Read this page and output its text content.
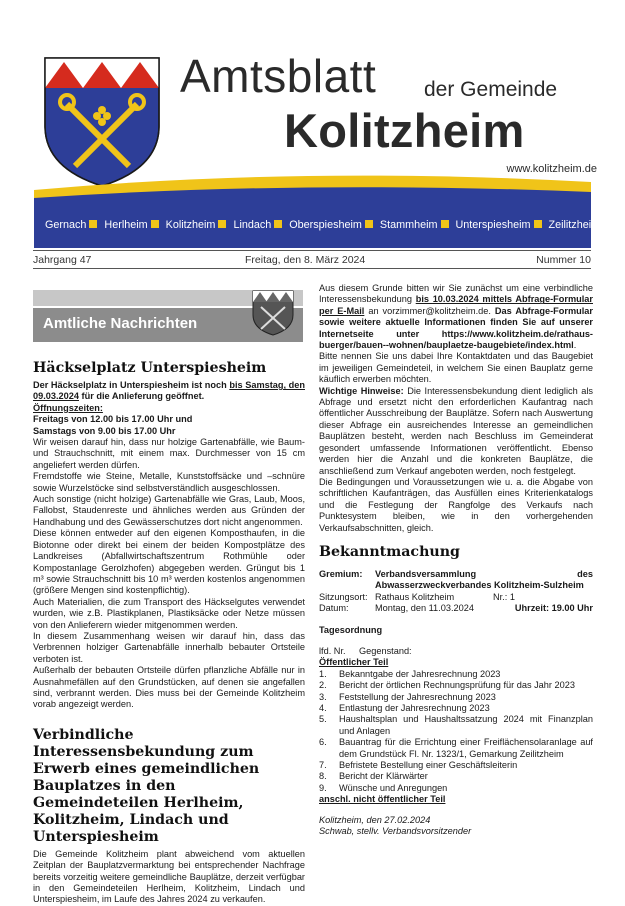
Amtsblatt der Gemeinde
Kolitzheim
www.kolitzheim.de
Gernach Herlheim Kolitzheim Lindach Oberspiesheim Stammheim Unterspiesheim Zeilitzheim
Jahrgang 47	Freitag, den 8. März 2024	Nummer 10
Amtliche Nachrichten
Häckselplatz Unterspiesheim

Der Häckselplatz in Unterspiesheim ist noch bis Samstag, den 09.03.2024 für die Anlieferung geöffnet.

Öffnungszeiten:

Freitags von 12.00 bis 17.00 Uhr und

Samstags von 9.00 bis 17.00 Uhr

Wir weisen darauf hin, dass nur holzige Gartenabfälle, wie Baum- und Strauchschnitt, mit einem max. Durchmesser von 15 cm angeliefert werden dürfen.

Fremdstoffe wie Steine, Metalle, Kunststoffsäcke und –schnüre sowie Wurzelstöcke sind selbstverständlich ausgeschlossen.

Auch sonstige (nicht holzige) Gartenabfälle wie Gras, Laub, Moos, Fallobst, Staudenreste und ähnliches werden aus Gründen der Handhabung und des Gewässerschutzes dort nicht angenommen.

Diese können entweder auf den eigenen Komposthaufen, in die Biotonne oder direkt bei einem der beiden Kompostplätze des Landkreises (Abfallwirtschaftszentrum Rothmühle oder Kompostanlage Gerolzhofen) abgegeben werden. Grüngut bis 1 m³ sowie Strauchschnitt bis 10 m³ werden kostenlos angenommen (größere Mengen sind kostenpflichtig).

Auch Materialien, die zum Transport des Häckselgutes verwendet wurden, wie z.B. Plastikplanen, Plastiksäcke oder Netze müssen von den Anlieferern wieder mitgenommen werden.

In diesem Zusammenhang weisen wir darauf hin, dass das Verbrennen holziger Gartenabfälle innerhalb bebauter Ortsteile verboten ist.

Außerhalb der bebauten Ortsteile dürfen pflanzliche Abfälle nur in Ausnahmefällen auf den Grundstücken, auf denen sie angefallen sind, verbrannt werden. Dies muss bei der Gemeinde Kolitzheim vorab angezeigt werden.

Verbindliche Interessensbekundung zum Erwerb eines gemeindlichen Bauplatzes in den Gemeindeteilen Herlheim, Kolitzheim, Lindach und Unterspiesheim

Die Gemeinde Kolitzheim plant abweichend vom aktuellen Zeitplan der Bauplatzvermarktung bei entsprechender Nachfrage bereits vorzeitig weitere gemeindliche Bauplätze, derzeit verfügbar in den Gemeindeteilen Herlheim, Kolitzheim, Lindach und Unterspiesheim, im Laufe des Jahres 2024 zu verkaufen.

Aus diesem Grunde bitten wir Sie zunächst um eine verbindliche Interessensbekundung bis 10.03.2024 mittels Abfrage-Formular per E-Mail an vorzimmer@kolitzheim.de. Das Abfrage-Formular sowie weitere aktuelle Informationen finden Sie auf unserer Internetseite unter https://www.kolitzheim.de/rathaus-buerger/bauen--wohnen/bauplaetze-baugebiete/index.html.

Bitte nennen Sie uns dabei Ihre Kontaktdaten und das Baugebiet im jeweiligen Gemeindeteil, in welchem Sie einen Bauplatz gerne käuflich erwerben möchten.

Wichtige Hinweise: Die Interessensbekundung dient lediglich als Abfrage und ersetzt nicht den erforderlichen Kaufantrag nach öffentlicher Ausschreibung der Bauplätze. Sofern nach Auswertung dieser Abfrage ein ausreichendes Interesse an gemeindlichen Bauplätzen besteht, werden nach Beschluss im Gemeinderat gesondert umfassende Informationen veröffentlicht. Ebenso werden hier die Anzahl und die konkreten Bauplätze, die anschließend zum Verkauf angeboten werden, noch festgelegt.

Die Bedingungen und Voraussetzungen wie u. a. die Abgabe von schriftlichen Kaufanträgen, das Ausfüllen eines Kriterienkatalogs und die Festlegung der Rangfolge des Verkaufs nach Punktesystem bleiben, wie in den vorhergehenden Verkaufsabschnitten, gleich.

Bekanntmachung
Gremium:	Verbandsversammlung des Abwasserzweckverbandes Kolitzheim-Sulzheim
Sitzungsort: Rathaus Kolitzheim	Nr.: 1
Datum:	Montag, den 11.03.2024	Uhrzeit: 19.00 Uhr

Tagesordnung

lfd. Nr.	Gegenstand:

Öffentlicher Teil

1.	Bekanntgabe der Jahresrechnung 2023
2.	Bericht der örtlichen Rechnungsprüfung für das Jahr 2023
3.	Feststellung der Jahresrechnung 2023
4.	Entlastung der Jahresrechnung 2023
5.	Haushaltsplan und Haushaltssatzung 2024 mit Finanzplan und Anlagen
6.	Bauantrag für die Errichtung einer Freiflächensolaranlage auf dem Grundstück Fl. Nr. 1323/1, Gemarkung Zeilitzheim
7.	Befristete Bestellung einer Geschäftsleiterin
8.	Bericht der Klärwärter
9.	Wünsche und Anregungen

anschl. nicht öffentlicher Teil

Kolitzheim, den 27.02.2024

Schwab, stellv. Verbandsvorsitzender
